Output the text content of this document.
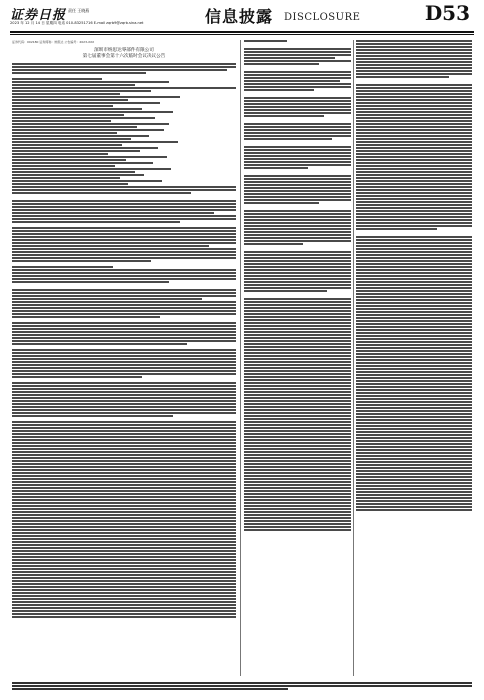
证券日报 责任 王晓燕
2023 年 12 月 14 日 星期四 电话 010-83251716 E-mail zqrb9@zqrb.sina.net	信息披露 DISCLOSURE	D53
证券代码：002180 证券简称：纳思达 公告编号：2023-XXX
深圳市纳思达零部件有限公司
第七届董事会第十六次临时会议决议公告
